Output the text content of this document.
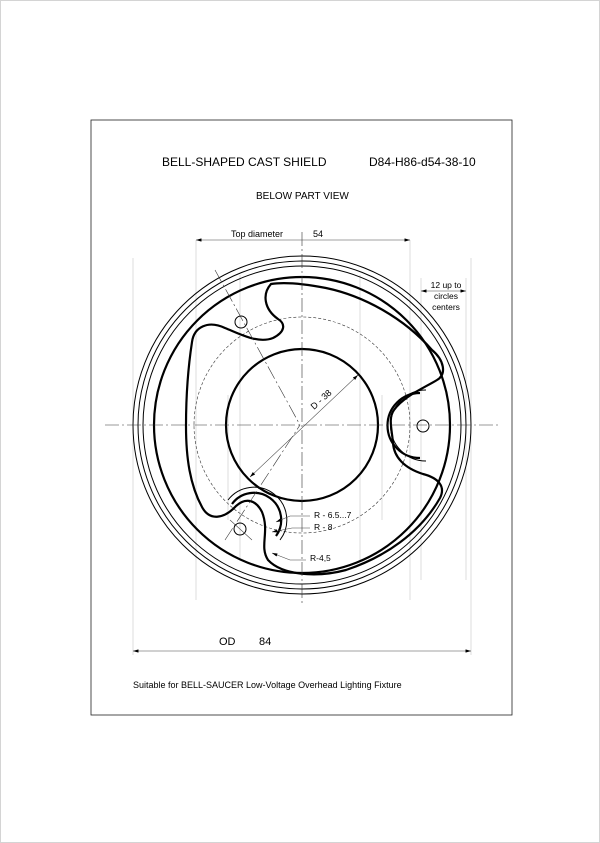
Top diameter	54
12 up to
circles
centers
D - 38
R - 6.5...7
R - 8
R-4,5
OD 84
BELL-SHAPED CAST SHIELD	D84-H86-d54-38-10
BELOW PART VIEW
Suitable for BELL-SAUCER Low-Voltage Overhead Lighting Fixture
